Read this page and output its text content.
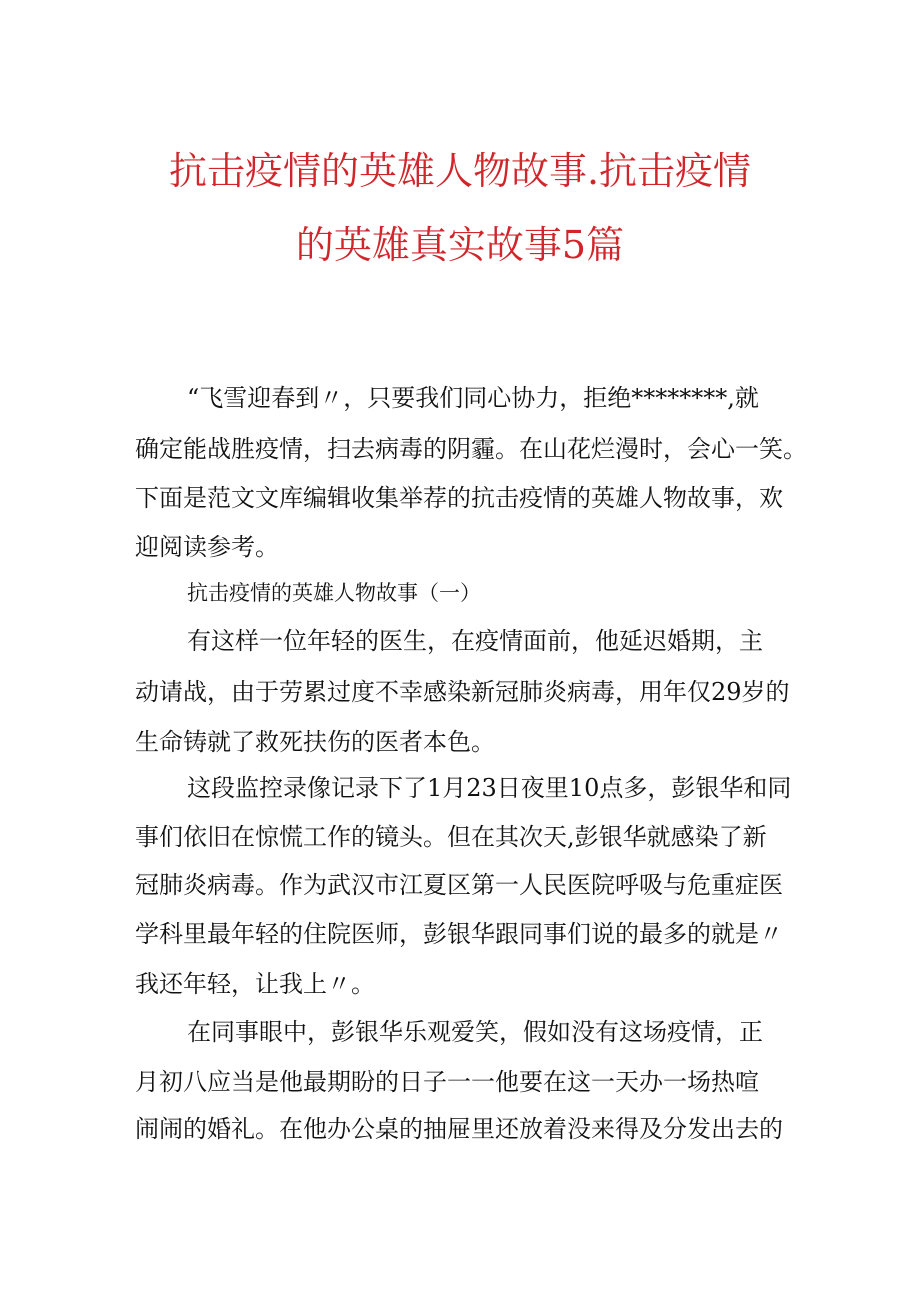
抗击疫情的英雄人物故事.抗击疫情
的英雄真实故事5篇
“飞雪迎春到〃，只要我们同心协力，拒绝********,就
确定能战胜疫情，扫去病毒的阴霾。在山花烂漫时，会心一笑。
下面是范文文库编辑收集举荐的抗击疫情的英雄人物故事，欢
迎阅读参考。
抗击疫情的英雄人物故事（一）
有这样一位年轻的医生，在疫情面前，他延迟婚期，主
动请战，由于劳累过度不幸感染新冠肺炎病毒，用年仅29岁的
生命铸就了救死扶伤的医者本色。
这段监控录像记录下了1月23日夜里10点多，彭银华和同
事们依旧在惊慌工作的镜头。但在其次天,彭银华就感染了新
冠肺炎病毒。作为武汉市江夏区第一人民医院呼吸与危重症医
学科里最年轻的住院医师，彭银华跟同事们说的最多的就是〃
我还年轻，让我上〃。
在同事眼中，彭银华乐观爱笑，假如没有这场疫情，正
月初八应当是他最期盼的日子一一他要在这一天办一场热喧
闹闹的婚礼。在他办公桌的抽屉里还放着没来得及分发出去的
